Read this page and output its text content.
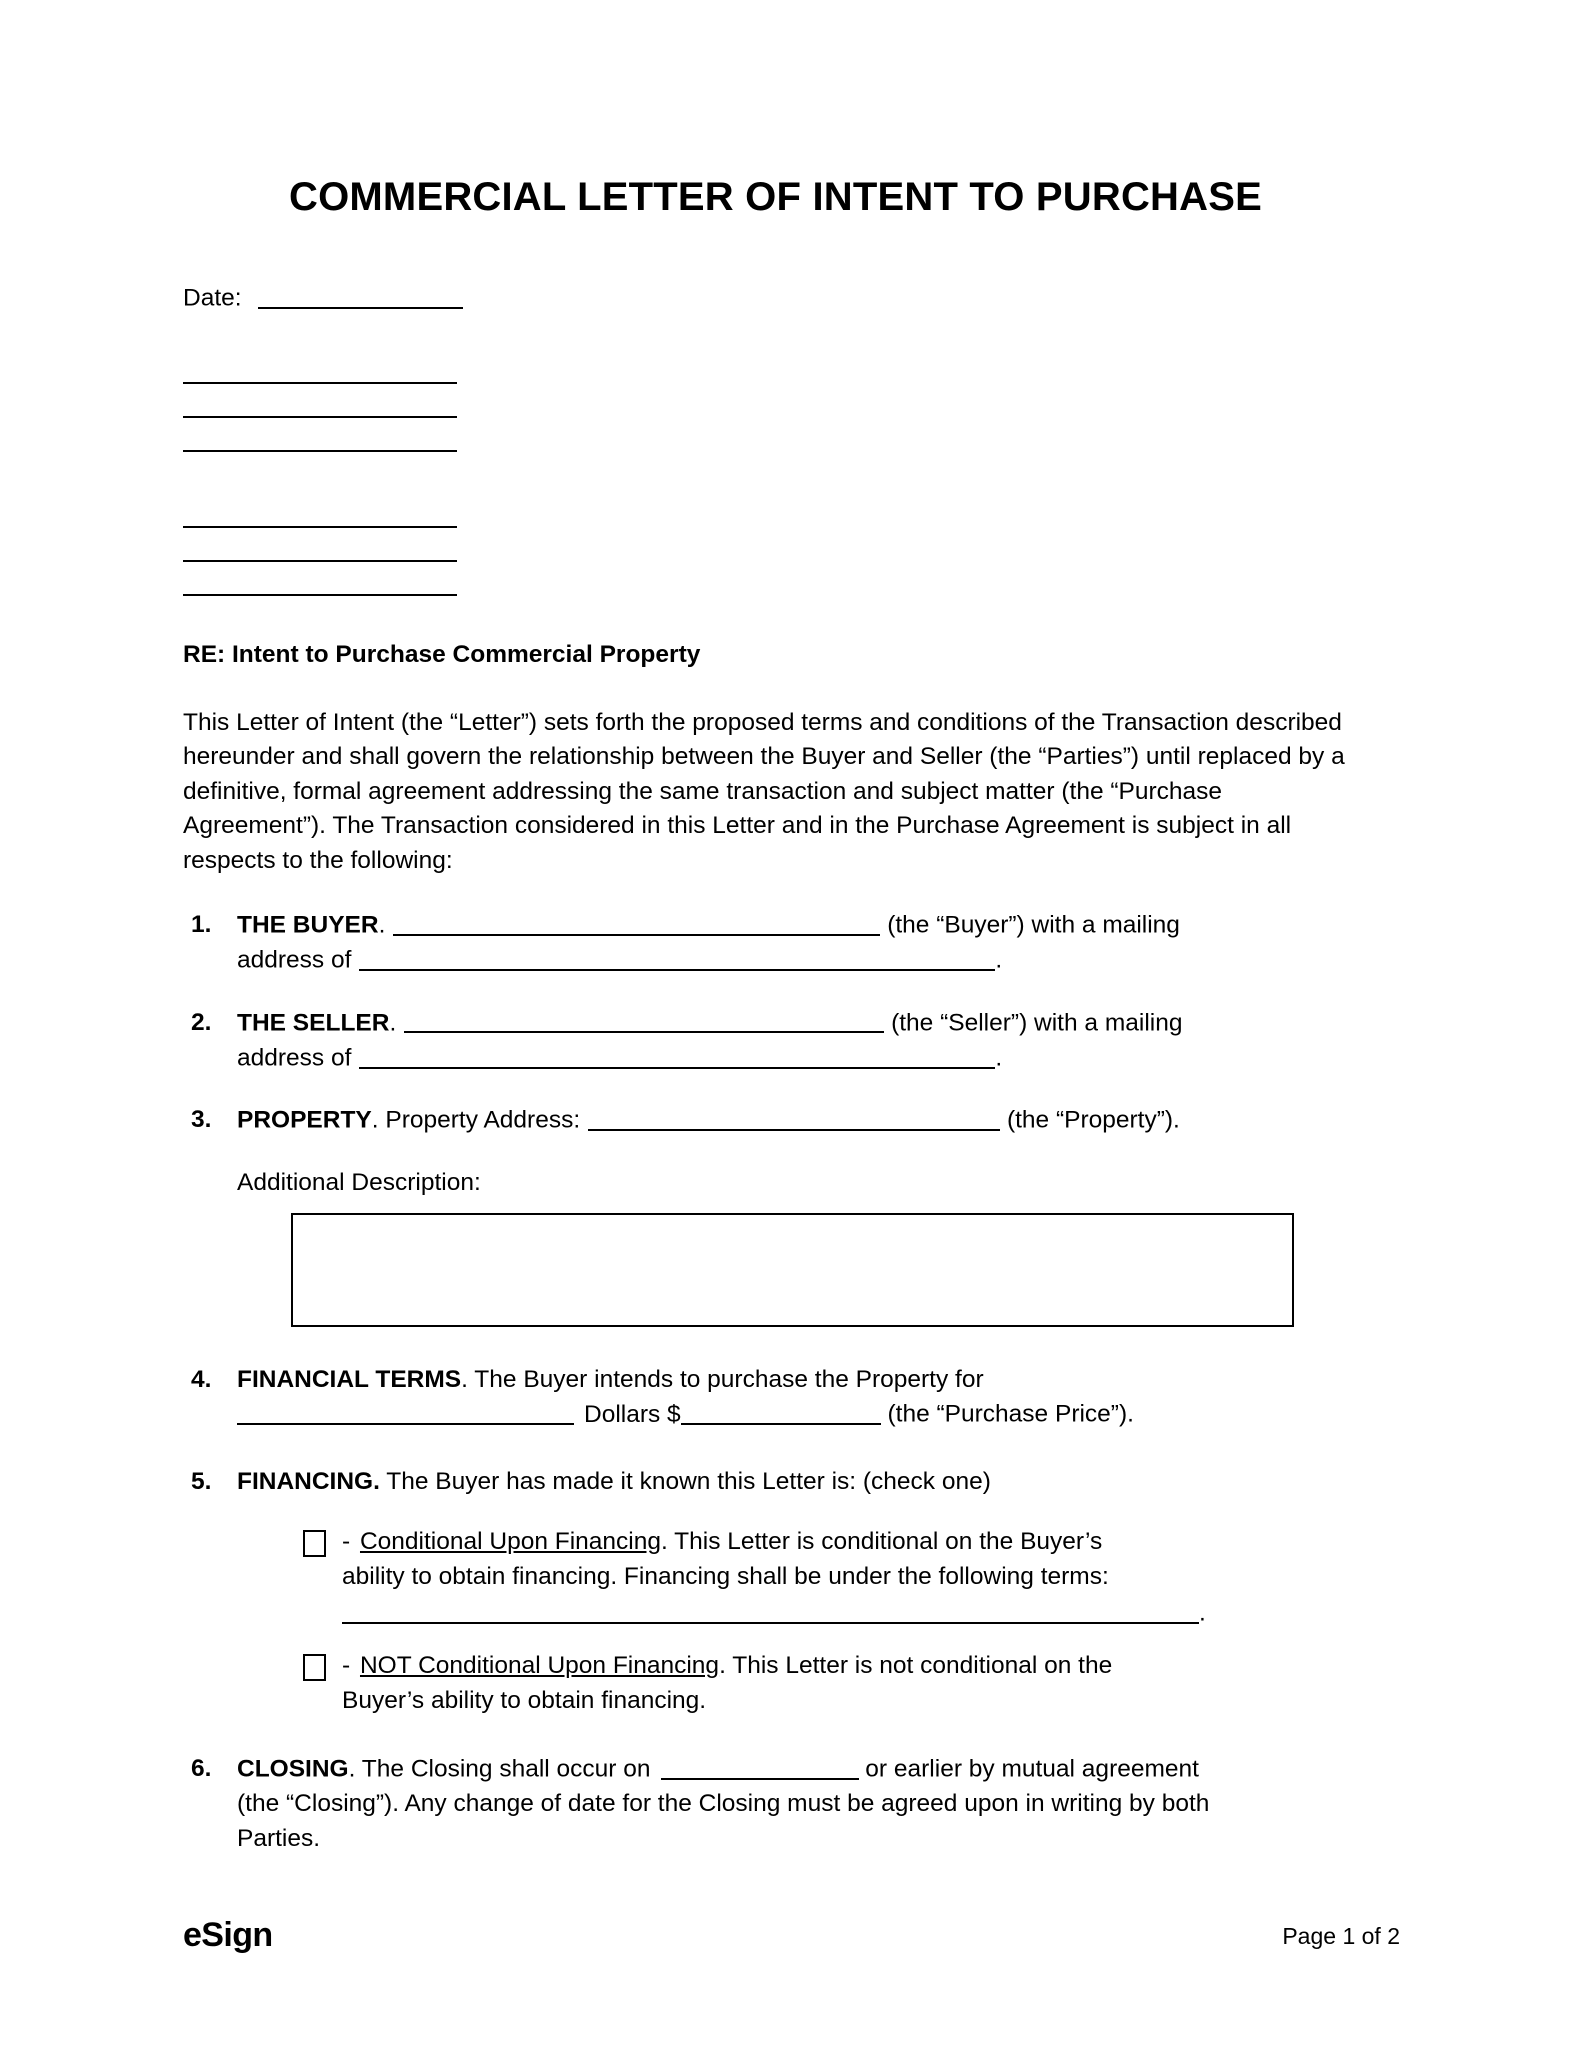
COMMERCIAL LETTER OF INTENT TO PURCHASE
Date:
RE: Intent to Purchase Commercial Property
This Letter of Intent (the “Letter”) sets forth the proposed terms and conditions of the Transaction described hereunder and shall govern the relationship between the Buyer and Seller (the “Parties”) until replaced by a definitive, formal agreement addressing the same transaction and subject matter (the “Purchase Agreement”). The Transaction considered in this Letter and in the Purchase Agreement is subject in all respects to the following:
1. THE BUYER.	(the “Buyer”) with a mailing
address of	.
2. THE SELLER.	(the “Seller”) with a mailing
address of	.
3. PROPERTY. Property Address:	(the “Property”).
Additional Description:
4. FINANCIAL TERMS. The Buyer intends to purchase the Property for
Dollars $	(the “Purchase Price”).
5. FINANCING. The Buyer has made it known this Letter is: (check one)
- Conditional Upon Financing. This Letter is conditional on the Buyer’s
ability to obtain financing. Financing shall be under the following terms:
.
- NOT Conditional Upon Financing. This Letter is not conditional on the
Buyer’s ability to obtain financing.
6. CLOSING. The Closing shall occur on	or earlier by mutual agreement
(the “Closing”). Any change of date for the Closing must be agreed upon in writing by both
Parties.
eSign	Page 1 of 2
